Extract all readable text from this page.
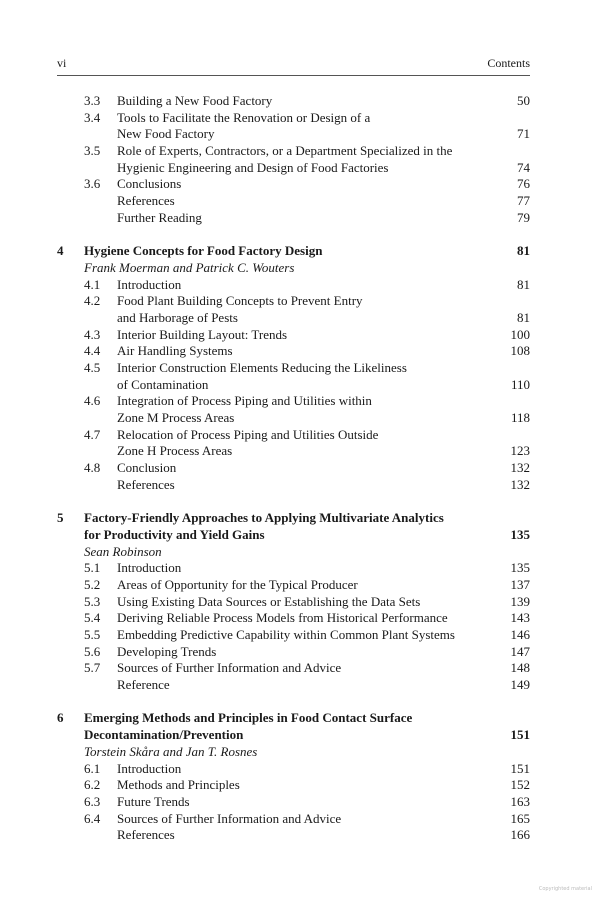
vi	Contents
3.3 Building a New Food Factory	50
3.4 Tools to Facilitate the Renovation or Design of a
New Food Factory	71
3.5 Role of Experts, Contractors, or a Department Specialized in the
Hygienic Engineering and Design of Food Factories	74
3.6 Conclusions	76
References	77
Further Reading	79
4 Hygiene Concepts for Food Factory Design	81
Frank Moerman and Patrick C. Wouters
4.1 Introduction	81
4.2 Food Plant Building Concepts to Prevent Entry
and Harborage of Pests	81
4.3 Interior Building Layout: Trends	100
4.4 Air Handling Systems	108
4.5 Interior Construction Elements Reducing the Likeliness
of Contamination	110
4.6 Integration of Process Piping and Utilities within
Zone M Process Areas	118
4.7 Relocation of Process Piping and Utilities Outside
Zone H Process Areas	123
4.8 Conclusion	132
References	132
5 Factory-Friendly Approaches to Applying Multivariate Analytics
for Productivity and Yield Gains	135
Sean Robinson
5.1 Introduction	135
5.2 Areas of Opportunity for the Typical Producer	137
5.3 Using Existing Data Sources or Establishing the Data Sets	139
5.4 Deriving Reliable Process Models from Historical Performance	143
5.5 Embedding Predictive Capability within Common Plant Systems	146
5.6 Developing Trends	147
5.7 Sources of Further Information and Advice	148
Reference	149
6 Emerging Methods and Principles in Food Contact Surface
Decontamination/Prevention	151
Torstein Skåra and Jan T. Rosnes
6.1 Introduction	151
6.2 Methods and Principles	152
6.3 Future Trends	163
6.4 Sources of Further Information and Advice	165
References	166
Copyrighted material
